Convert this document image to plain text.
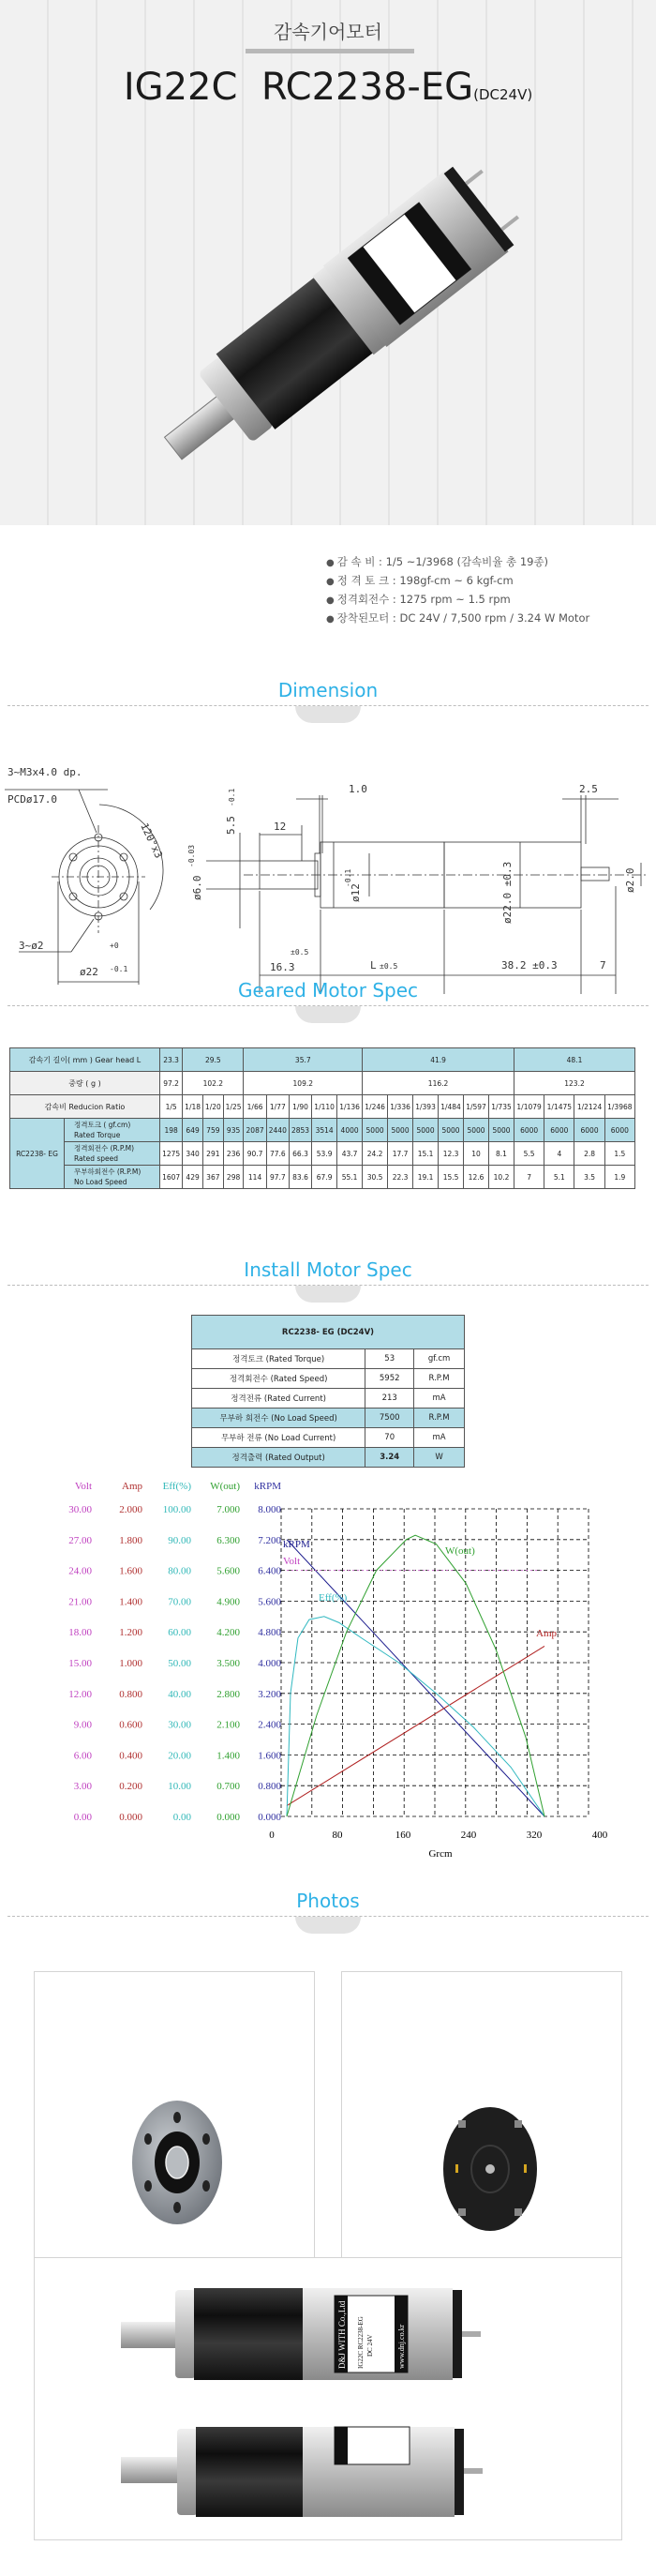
감속기어모터
IG22C RC2238-EG(DC24V)
● 감 속 비 : 1/5 ~1/3968 (감속비율 총 19종)
● 정 격 토 크 : 198gf-cm ~ 6 kgf-cm
● 정격회전수 : 1275 rpm ~ 1.5 rpm
● 장착된모터 : DC 24V / 7,500 rpm / 3.24 W Motor
Dimension
3~M3x4.0 dp.
PCDø17.0
120°x3
3~ø2
ø22
+0
-0.1
ø6.0
-0.03
5.5
-0.1
12
1.0
ø12
-0.1	ø22.0 ±0.3
2.5
ø2.0
16.3
±0.5
L ±0.5	38.2 ±0.3	7
Geared Motor Spec
감속기 길이( mm ) Gear head L		23.3	29.5			35.7					41.9						48.1			
중량 ( g )		97.2	102.2			109.2					116.2						123.2			
감속비 Reducion Ratio		1/5	1/18	1/20	1/25	1/66	1/77	1/90	1/110	1/136	1/246	1/336	1/393	1/484	1/597	1/735	1/1079	1/1475	1/2124	1/3968
RC2238- EG	정격토크 ( gf.cm)
Rated Torque	198	649	759	935	2087	2440	2853	3514	4000	5000	5000	5000	5000	5000	5000	6000	6000	6000	6000
	정격회전수 (R.P.M)
Rated speed	1275	340	291	236	90.7	77.6	66.3	53.9	43.7	24.2	17.7	15.1	12.3	10	8.1	5.5	4	2.8	1.5
	무부하회전수 (R.P.M)
No Load Speed	1607	429	367	298	114	97.7	83.6	67.9	55.1	30.5	22.3	19.1	15.5	12.6	10.2	7	5.1	3.5	1.9
Install Motor Spec
RC2238- EG (DC24V)		
정격토크 (Rated Torque)	53	gf.cm
정격회전수 (Rated Speed)	5952	R.P.M
정격전류 (Rated Current)	213	mA
무부하 회전수 (No Load Speed)	7500	R.P.M
무부하 전류 (No Load Current)	70	mA
정격출력 (Rated Output)	3.24	W
Volt
30.00
27.00
24.00
21.00
18.00
15.00
12.00
9.00
6.00
3.00
0.00
Amp
2.000
1.800
1.600
1.400
1.200
1.000
0.800
0.600
0.400
0.200
0.000
Eff(%)
100.00
90.00
80.00
70.00
60.00
50.00
40.00
30.00
20.00
10.00
0.00
W(out)
7.000
6.300
5.600
4.900
4.200
3.500
2.800
2.100
1.400
0.700
0.000
kRPM
8.000
7.200
6.400
5.600
4.800
4.000
3.200
2.400
1.600
0.800
0.000
0	80	160	240	320	400
Grcm
kRPM
Volt
Eff(%)
W(out)
Amp
Photos
D&J WITH Co.,Ltd IG22C RC2238-EG DC 24V	www.dnj.co.kr
